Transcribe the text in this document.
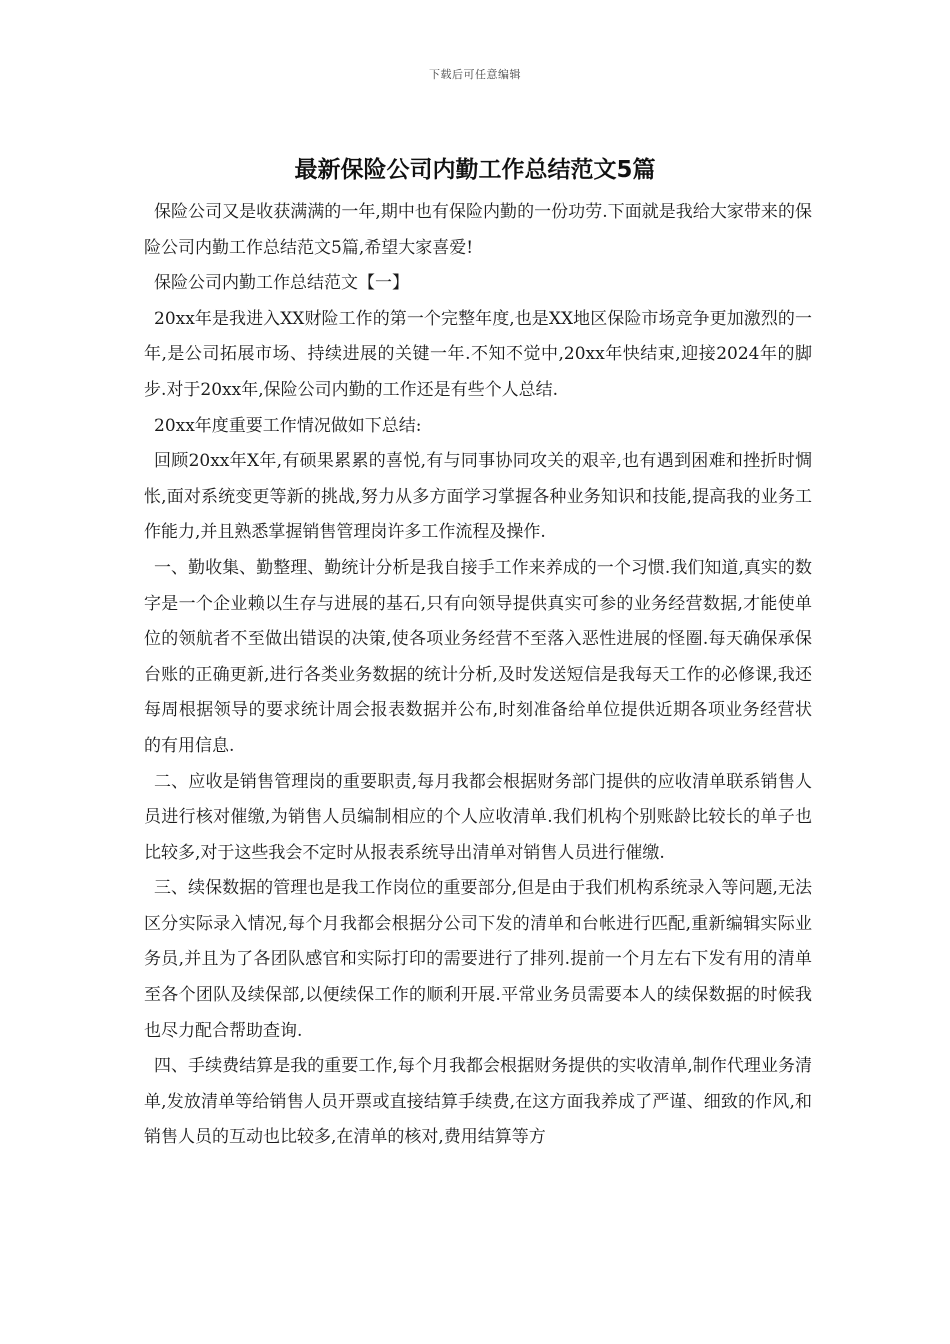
下载后可任意编辑
最新保险公司内勤工作总结范文5篇

保险公司又是收获满满的一年,期中也有保险内勤的一份功劳.下面就是我给大家带来的保险公司内勤工作总结范文5篇,希望大家喜爱!

保险公司内勤工作总结范文【一】

20xx年是我进入XX财险工作的第一个完整年度,也是XX地区保险市场竞争更加激烈的一年,是公司拓展市场、持续进展的关键一年.不知不觉中,20xx年快结束,迎接2024年的脚步.对于20xx年,保险公司内勤的工作还是有些个人总结.

20xx年度重要工作情况做如下总结:

回顾20xx年X年,有硕果累累的喜悦,有与同事协同攻关的艰辛,也有遇到困难和挫折时惆怅,面对系统变更等新的挑战,努力从多方面学习掌握各种业务知识和技能,提高我的业务工作能力,并且熟悉掌握销售管理岗许多工作流程及操作.

一、勤收集、勤整理、勤统计分析是我自接手工作来养成的一个习惯.我们知道,真实的数字是一个企业赖以生存与进展的基石,只有向领导提供真实可参的业务经营数据,才能使单位的领航者不至做出错误的决策,使各项业务经营不至落入恶性进展的怪圈.每天确保承保台账的正确更新,进行各类业务数据的统计分析,及时发送短信是我每天工作的必修课,我还每周根据领导的要求统计周会报表数据并公布,时刻准备给单位提供近期各项业务经营状的有用信息.

二、应收是销售管理岗的重要职责,每月我都会根据财务部门提供的应收清单联系销售人员进行核对催缴,为销售人员编制相应的个人应收清单.我们机构个别账龄比较长的单子也比较多,对于这些我会不定时从报表系统导出清单对销售人员进行催缴.

三、续保数据的管理也是我工作岗位的重要部分,但是由于我们机构系统录入等问题,无法区分实际录入情况,每个月我都会根据分公司下发的清单和台帐进行匹配,重新编辑实际业务员,并且为了各团队感官和实际打印的需要进行了排列.提前一个月左右下发有用的清单至各个团队及续保部,以便续保工作的顺利开展.平常业务员需要本人的续保数据的时候我也尽力配合帮助查询.

四、手续费结算是我的重要工作,每个月我都会根据财务提供的实收清单,制作代理业务清单,发放清单等给销售人员开票或直接结算手续费,在这方面我养成了严谨、细致的作风,和销售人员的互动也比较多,在清单的核对,费用结算等方
